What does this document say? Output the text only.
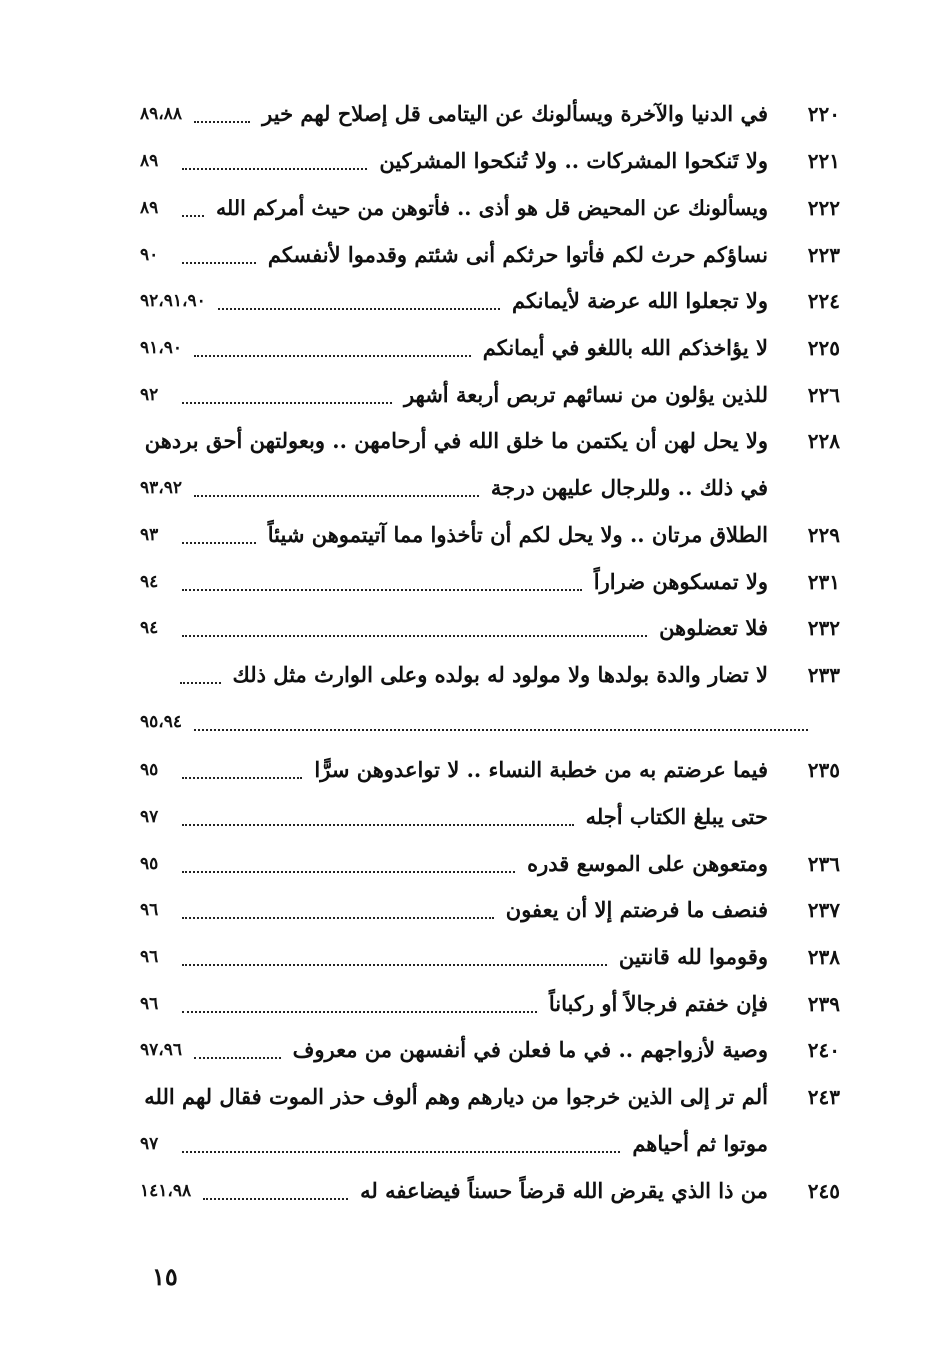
٢٢٠
في الدنيا والآخرة ويسألونك عن اليتامى قل إصلاح لهم خير
٨٩،٨٨
٢٢١
ولا تَنكحوا المشركات .. ولا تُنكحوا المشركين
٨٩
٢٢٢
ويسألونك عن المحيض قل هو أذى .. فأتوهن من حيث أمركم الله
٨٩
٢٢٣
نساؤكم حرث لكم فأتوا حرثكم أنى شئتم وقدموا لأنفسكم
٩٠
٢٢٤
ولا تجعلوا الله عرضة لأيمانكم
٩٢،٩١،٩٠
٢٢٥
لا يؤاخذكم الله باللغو في أيمانكم
٩١،٩٠
٢٢٦
للذين يؤلون من نسائهم تربص أربعة أشهر
٩٢
٢٢٨
ولا يحل لهن أن يكتمن ما خلق الله في أرحامهن .. وبعولتهن أحق بردهن
في ذلك .. وللرجال عليهن درجة
٩٣،٩٢
٢٢٩
الطلاق مرتان .. ولا يحل لكم أن تأخذوا مما آتيتموهن شيئاً
٩٣
٢٣١
ولا تمسكوهن ضراراً
٩٤
٢٣٢
فلا تعضلوهن
٩٤
٢٣٣
لا تضار والدة بولدها ولا مولود له بولده وعلى الوارث مثل ذلك
٩٥،٩٤
٢٣٥
فيما عرضتم به من خطبة النساء .. لا تواعدوهن سرًّا
٩٥
حتى يبلغ الكتاب أجله
٩٧
٢٣٦
ومتعوهن على الموسع قدره
٩٥
٢٣٧
فنصف ما فرضتم إلا أن يعفون
٩٦
٢٣٨
وقوموا لله قانتين
٩٦
٢٣٩
فإن خفتم فرجالاً أو ركباناً
٩٦
٢٤٠
وصية لأزواجهم .. في ما فعلن في أنفسهن من معروف
٩٧،٩٦
٢٤٣
ألم تر إلى الذين خرجوا من ديارهم وهم ألوف حذر الموت فقال لهم الله
موتوا ثم أحياهم
٩٧
٢٤٥
من ذا الذي يقرض الله قرضاً حسناً فيضاعفه له
١٤١،٩٨
١٥
